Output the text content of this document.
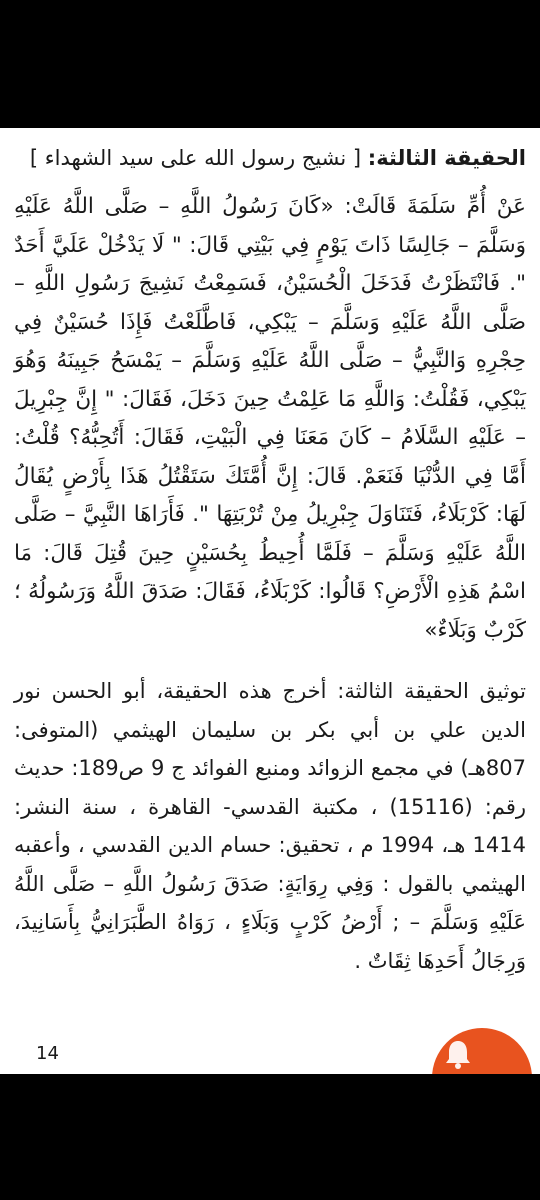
الحقيقة الثالثة: [ نشيج رسول الله على سيد الشهداء ]

عَنْ أُمِّ سَلَمَةَ قَالَتْ: «كَانَ رَسُولُ اللَّهِ – صَلَّى اللَّهُ عَلَيْهِ وَسَلَّمَ – جَالِسًا ذَاتَ يَوْمٍ فِي بَيْتِي قَالَ: " لَا يَدْخُلْ عَلَيَّ أَحَدٌ ". فَانْتَظَرْتُ فَدَخَلَ الْحُسَيْنُ، فَسَمِعْتُ نَشِيجَ رَسُولِ اللَّهِ – صَلَّى اللَّهُ عَلَيْهِ وَسَلَّمَ – يَبْكِي، فَاطَّلَعْتُ فَإِذَا حُسَيْنٌ فِي حِجْرِهِ وَالنَّبِيُّ – صَلَّى اللَّهُ عَلَيْهِ وَسَلَّمَ – يَمْسَحُ جَبِينَهُ وَهُوَ يَبْكِي، فَقُلْتُ: وَاللَّهِ مَا عَلِمْتُ حِينَ دَخَلَ، فَقَالَ: " إِنَّ جِبْرِيلَ – عَلَيْهِ السَّلَامُ – كَانَ مَعَنَا فِي الْبَيْتِ، فَقَالَ: أَتُحِبُّهُ؟ قُلْتُ: أَمَّا فِي الدُّنْيَا فَنَعَمْ. قَالَ: إِنَّ أُمَّتَكَ سَتَقْتُلُ هَذَا بِأَرْضٍ يُقَالُ لَهَا: كَرْبَلَاءُ، فَتَنَاوَلَ جِبْرِيلُ مِنْ تُرْبَتِهَا ". فَأَرَاهَا النَّبِيَّ – صَلَّى اللَّهُ عَلَيْهِ وَسَلَّمَ – فَلَمَّا أُحِيطُ بِحُسَيْنٍ حِينَ قُتِلَ قَالَ: مَا اسْمُ هَذِهِ الْأَرْضِ؟ قَالُوا: كَرْبَلَاءُ، فَقَالَ: صَدَقَ اللَّهُ وَرَسُولُهُ ؛ كَرْبٌ وَبَلَاءٌ»

توثيق الحقيقة الثالثة: أخرج هذه الحقيقة، أبو الحسن نور الدين علي بن أبي بكر بن سليمان الهيثمي (المتوفى: 807هـ) في مجمع الزوائد ومنبع الفوائد ج 9 ص189: حديث رقم: (15116) ، مكتبة القدسي- القاهرة ، سنة النشر: 1414 هـ، 1994 م ، تحقيق: حسام الدين القدسي ، وأعقبه الهيثمي بالقول : وَفِي رِوَايَةٍ: صَدَقَ رَسُولُ اللَّهِ – صَلَّى اللَّهُ عَلَيْهِ وَسَلَّمَ – ; أَرْضُ كَرْبٍ وَبَلَاءٍ ، رَوَاهُ الطَّبَرَانِيُّ بِأَسَانِيدَ، وَرِجَالُ أَحَدِهَا ثِقَاتٌ .

14
